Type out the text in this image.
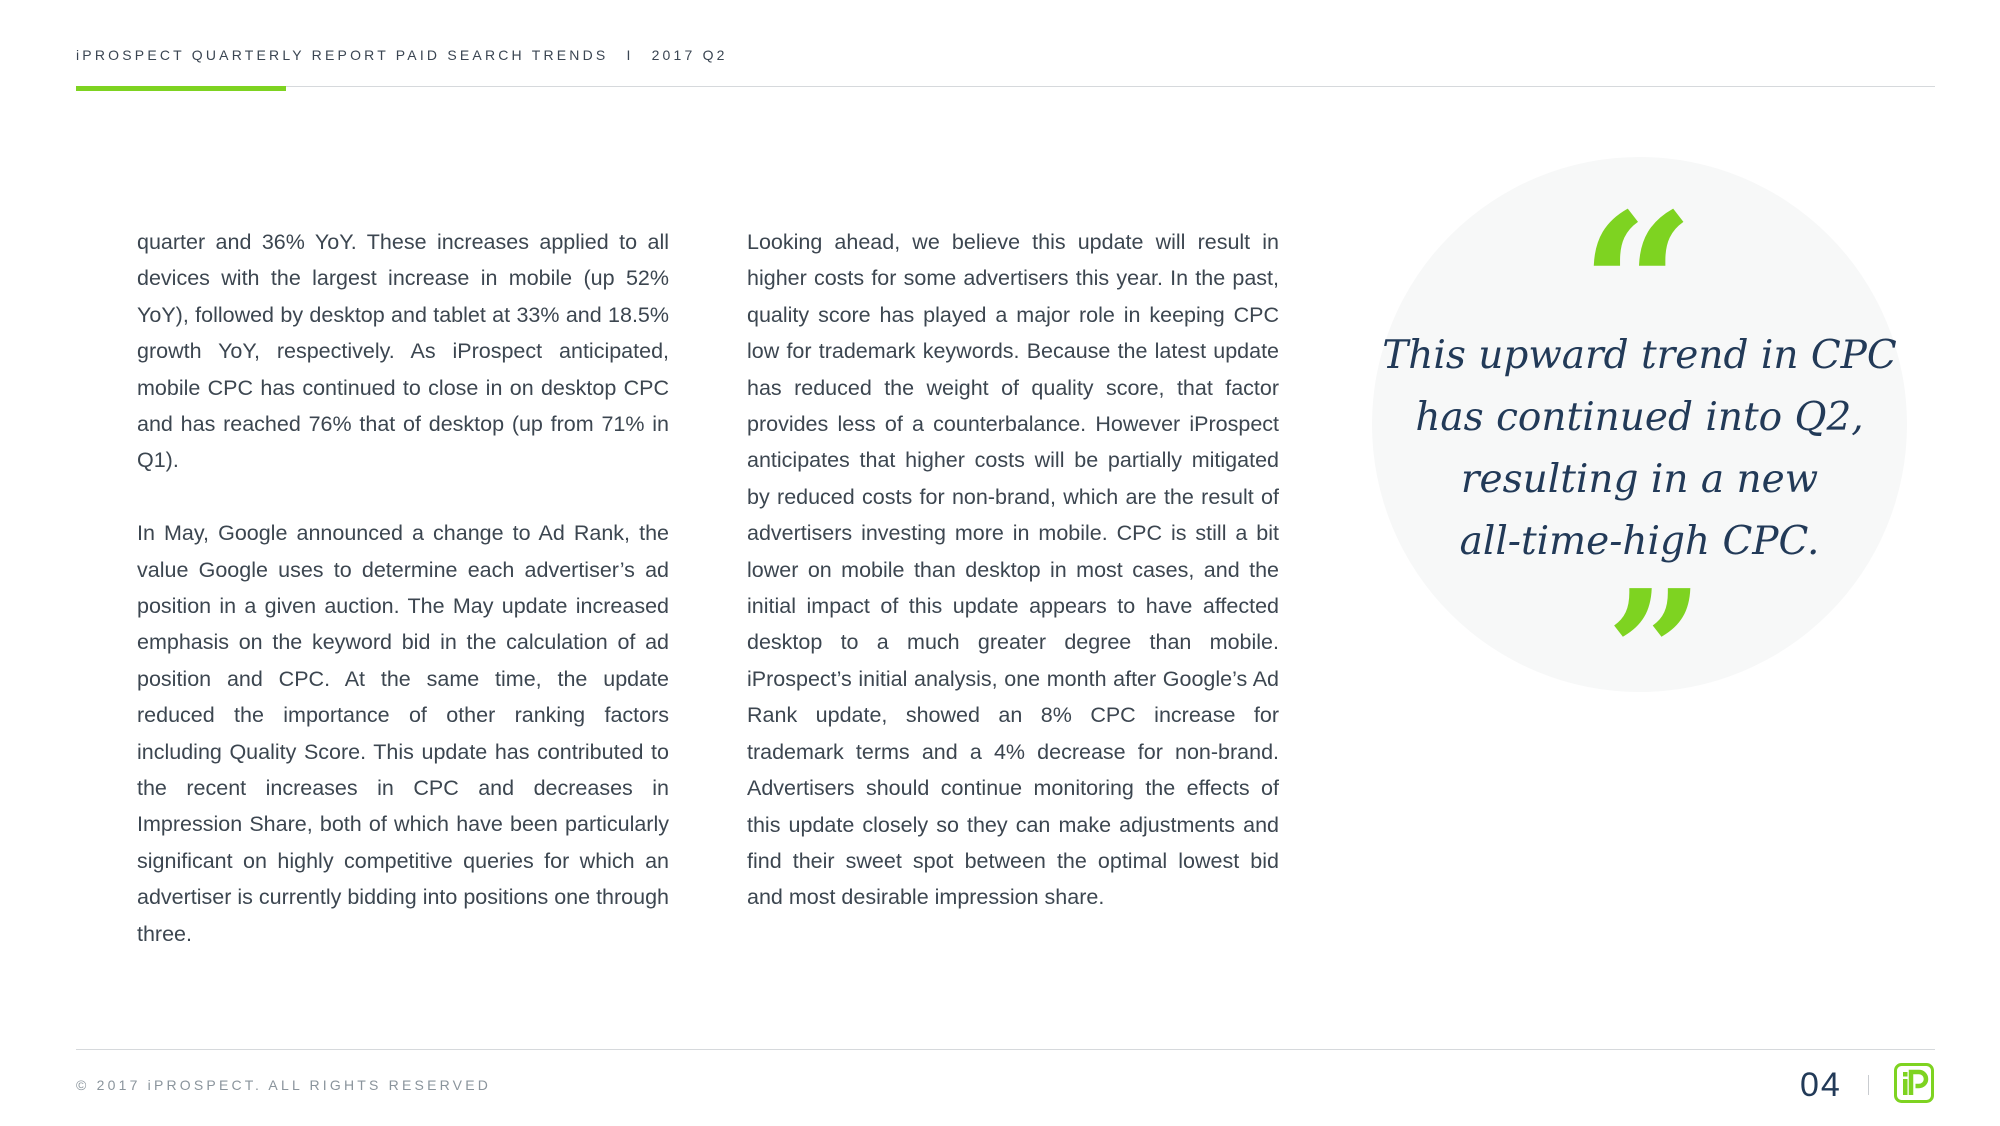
iPROSPECT QUARTERLY REPORT PAID SEARCH TRENDS I 2017 Q2

quarter and 36% YoY. These increases applied to all devices with the largest increase in mobile (up 52% YoY), followed by desktop and tablet at 33% and 18.5% growth YoY, respectively. As iProspect anticipated, mobile CPC has continued to close in on desktop CPC and has reached 76% that of desktop (up from 71% in Q1).

In May, Google announced a change to Ad Rank, the value Google uses to determine each advertiser’s ad position in a given auction. The May update increased emphasis on the keyword bid in the calculation of ad position and CPC. At the same time, the update reduced the importance of other ranking factors including Quality Score. This update has contributed to the recent increases in CPC and decreases in Impression Share, both of which have been particularly significant on highly competitive queries for which an advertiser is currently bidding into positions one through three.

Looking ahead, we believe this update will result in higher costs for some advertisers this year. In the past, quality score has played a major role in keeping CPC low for trademark keywords. Because the latest update has reduced the weight of quality score, that factor provides less of a counterbalance. However iProspect anticipates that higher costs will be partially mitigated by reduced costs for non-brand, which are the result of advertisers investing more in mobile. CPC is still a bit lower on mobile than desktop in most cases, and the initial impact of this update appears to have affected desktop to a much greater degree than mobile. iProspect’s initial analysis, one month after Google’s Ad Rank update, showed an 8% CPC increase for trademark terms and a 4% decrease for non-brand. Advertisers should continue monitoring the effects of this update closely so they can make adjustments and find their sweet spot between the optimal lowest bid and most desirable impression share.

“
This upward trend in CPC
has continued into Q2,
resulting in a new
all-time-high CPC.
”
© 2017 iPROSPECT. ALL RIGHTS RESERVED	04	iP
